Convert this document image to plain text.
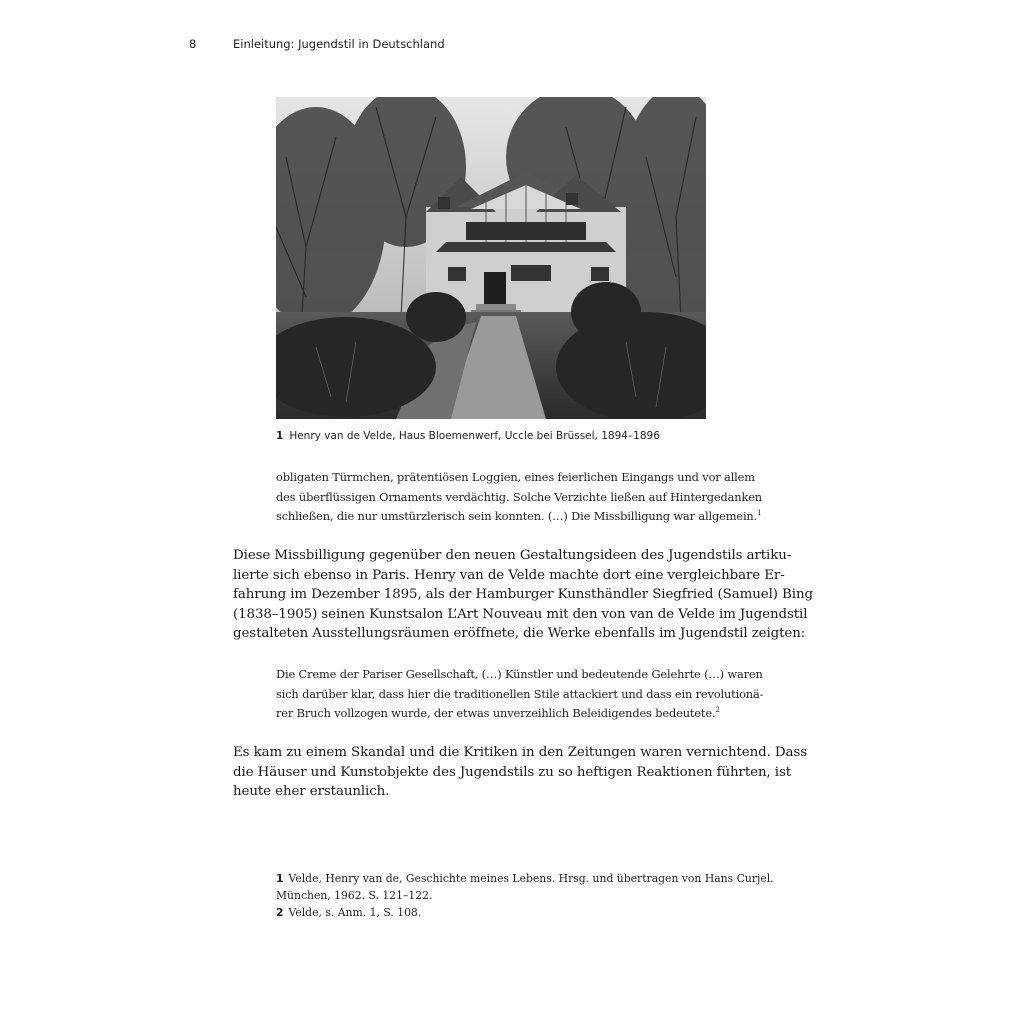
8	Einleitung: Jugendstil in Deutschland
1 Henry van de Velde, Haus Bloemenwerf, Uccle bei Brüssel, 1894–1896
obligaten Türmchen, prätentiösen Loggien, eines feierlichen Eingangs und vor allem
des überflüssigen Ornaments verdächtig. Solche Verzichte ließen auf Hintergedanken
schließen, die nur umstürzlerisch sein konnten. (…) Die Missbilligung war allgemein.$^1$
Diese Missbilligung gegenüber den neuen Gestaltungsideen des Jugendstils artiku-
lierte sich ebenso in Paris. Henry van de Velde machte dort eine vergleichbare Er-
fahrung im Dezember 1895, als der Hamburger Kunsthändler Siegfried (Samuel) Bing
(1838–1905) seinen Kunstsalon L’Art Nouveau mit den von van de Velde im Jugendstil
gestalteten Ausstellungsräumen eröffnete, die Werke ebenfalls im Jugendstil zeigten:
Die Creme der Pariser Gesellschaft, (…) Künstler und bedeutende Gelehrte (…) waren
sich darüber klar, dass hier die traditionellen Stile attackiert und dass ein revolutionä-
rer Bruch vollzogen wurde, der etwas unverzeihlich Beleidigendes bedeutete.$^2$
Es kam zu einem Skandal und die Kritiken in den Zeitungen waren vernichtend. Dass
die Häuser und Kunstobjekte des Jugendstils zu so heftigen Reaktionen führten, ist
heute eher erstaunlich.
1 Velde, Henry van de, Geschichte meines Lebens. Hrsg. und übertragen von Hans Curjel.
München, 1962. S. 121–122.
2 Velde, s. Anm. 1, S. 108.
